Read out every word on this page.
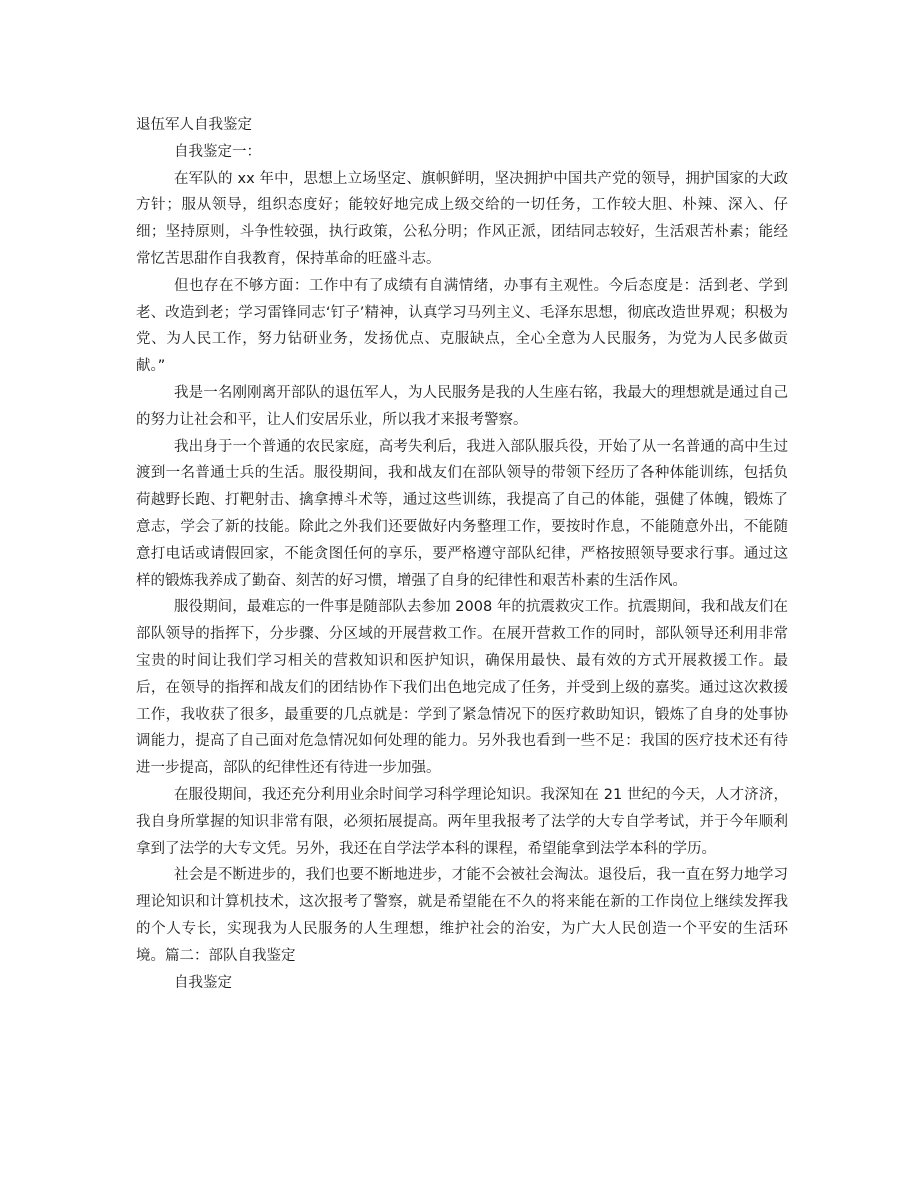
退伍军人自我鉴定

自我鉴定一：

在军队的 xx 年中，思想上立场坚定、旗帜鲜明，坚决拥护中国共产党的领导，拥护国家的大政方针；服从领导，组织态度好；能较好地完成上级交给的一切任务，工作较大胆、朴辣、深入、仔细；坚持原则，斗争性较强，执行政策，公私分明；作风正派，团结同志较好，生活艰苦朴素；能经常忆苦思甜作自我教育，保持革命的旺盛斗志。

但也存在不够方面：工作中有了成绩有自满情绪，办事有主观性。今后态度是：活到老、学到老、改造到老；学习雷锋同志‘钉子’精神，认真学习马列主义、毛泽东思想，彻底改造世界观；积极为党、为人民工作，努力钻研业务，发扬优点、克服缺点，全心全意为人民服务，为党为人民多做贡献。”

我是一名刚刚离开部队的退伍军人，为人民服务是我的人生座右铭，我最大的理想就是通过自己的努力让社会和平，让人们安居乐业，所以我才来报考警察。

我出身于一个普通的农民家庭，高考失利后，我进入部队服兵役，开始了从一名普通的高中生过渡到一名普通士兵的生活。服役期间，我和战友们在部队领导的带领下经历了各种体能训练，包括负荷越野长跑、打靶射击、擒拿搏斗术等，通过这些训练，我提高了自己的体能，强健了体魄，锻炼了意志，学会了新的技能。除此之外我们还要做好内务整理工作，要按时作息，不能随意外出，不能随意打电话或请假回家，不能贪图任何的享乐，要严格遵守部队纪律，严格按照领导要求行事。通过这样的锻炼我养成了勤奋、刻苦的好习惯，增强了自身的纪律性和艰苦朴素的生活作风。

服役期间，最难忘的一件事是随部队去参加 2008 年的抗震救灾工作。抗震期间，我和战友们在部队领导的指挥下，分步骤、分区域的开展营救工作。在展开营救工作的同时，部队领导还利用非常宝贵的时间让我们学习相关的营救知识和医护知识，确保用最快、最有效的方式开展救援工作。最后，在领导的指挥和战友们的团结协作下我们出色地完成了任务，并受到上级的嘉奖。通过这次救援工作，我收获了很多，最重要的几点就是：学到了紧急情况下的医疗救助知识，锻炼了自身的处事协调能力，提高了自己面对危急情况如何处理的能力。另外我也看到一些不足：我国的医疗技术还有待进一步提高，部队的纪律性还有待进一步加强。

在服役期间，我还充分利用业余时间学习科学理论知识。我深知在 21 世纪的今天，人才济济，我自身所掌握的知识非常有限，必须拓展提高。两年里我报考了法学的大专自学考试，并于今年顺利拿到了法学的大专文凭。另外，我还在自学法学本科的课程，希望能拿到法学本科的学历。

社会是不断进步的，我们也要不断地进步，才能不会被社会淘汰。退役后，我一直在努力地学习理论知识和计算机技术，这次报考了警察，就是希望能在不久的将来能在新的工作岗位上继续发挥我的个人专长，实现我为人民服务的人生理想，维护社会的治安，为广大人民创造一个平安的生活环境。篇二：部队自我鉴定

自我鉴定
